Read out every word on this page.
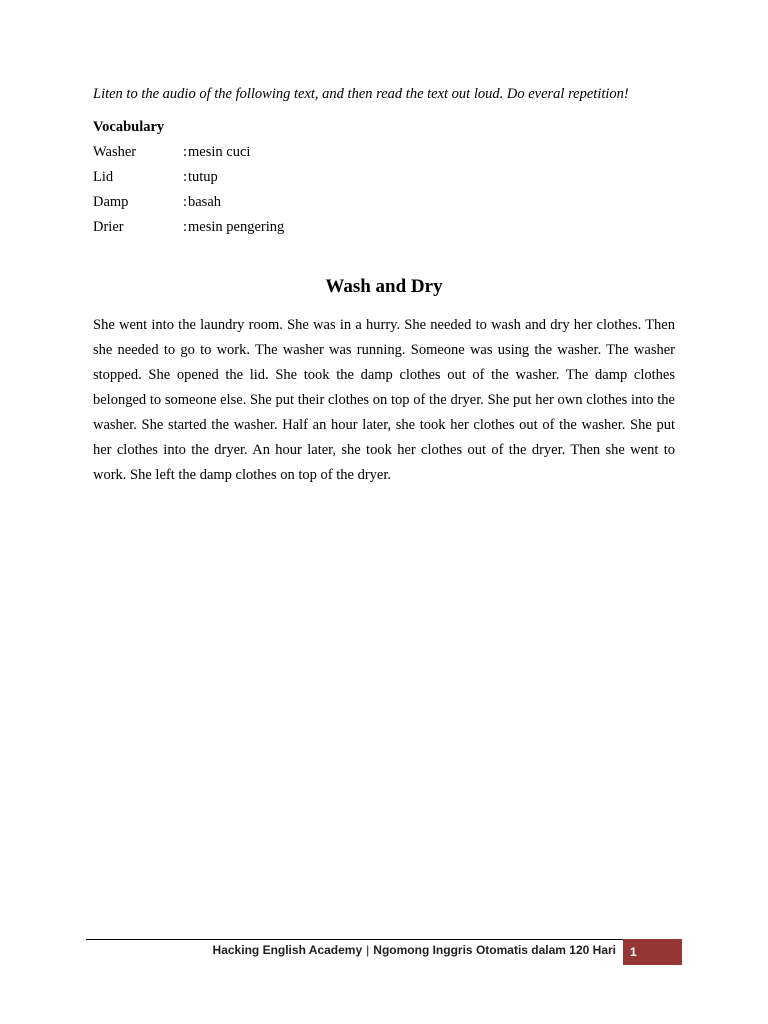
Liten to the audio of the following text, and then read the text out loud. Do everal repetition!
Vocabulary
Washer	: mesin cuci
Lid	: tutup
Damp	: basah
Drier	: mesin pengering
Wash and Dry

She went into the laundry room. She was in a hurry. She needed to wash and dry her clothes. Then she needed to go to work. The washer was running. Someone was using the washer. The washer stopped. She opened the lid. She took the damp clothes out of the washer. The damp clothes belonged to someone else. She put their clothes on top of the dryer. She put her own clothes into the washer. She started the washer. Half an hour later, she took her clothes out of the washer. She put her clothes into the dryer. An hour later, she took her clothes out of the dryer. Then she went to work. She left the damp clothes on top of the dryer.

Hacking English Academy | Ngomong Inggris Otomatis dalam 120 Hari	1
